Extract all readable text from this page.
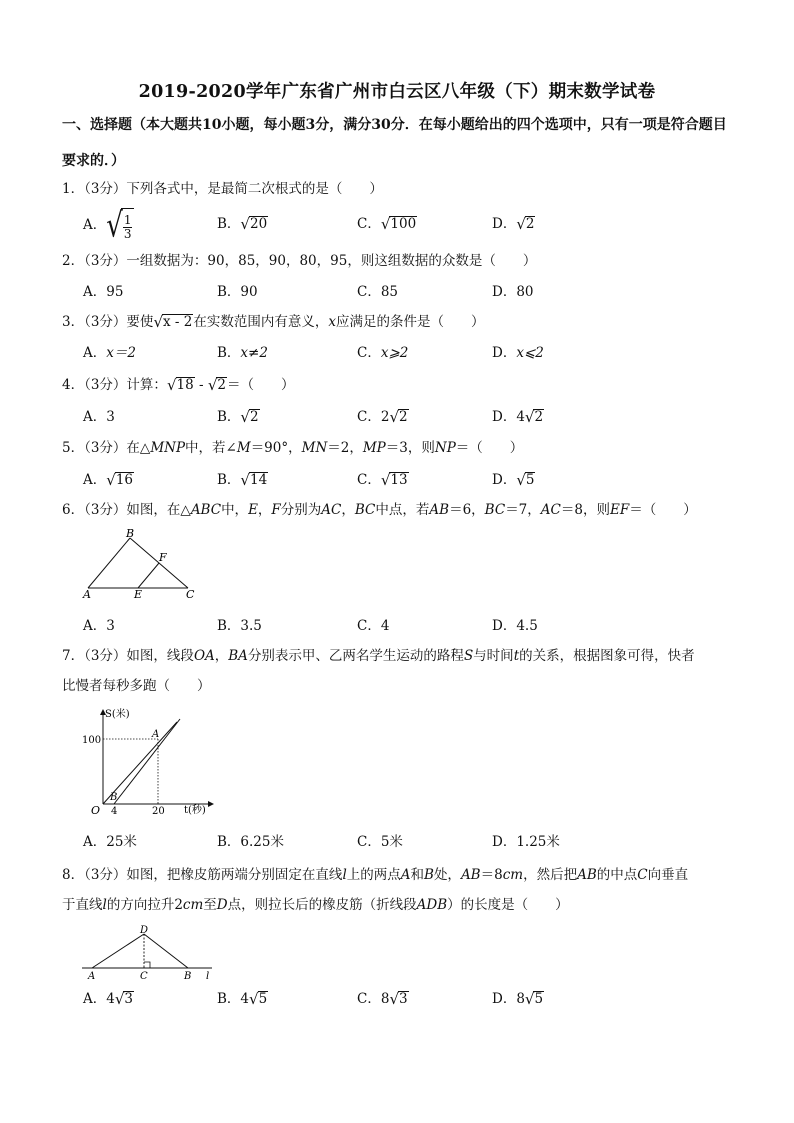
2019-2020学年广东省广州市白云区八年级（下）期末数学试卷
一、选择题（本大题共10小题，每小题3分，满分30分．在每小题给出的四个选项中，只有一项是符合题目
要求的．）
1．（3分）下列各式中，是最简二次根式的是（　　）
A．√ $\frac{1}{3}$	B．√20	C．√100	D．√2
2．（3分）一组数据为：90，85，90，80，95，则这组数据的众数是（　　）
A．95	B．90	C．85	D．80
3．（3分）要使√x - 2在实数范围内有意义，x应满足的条件是（　　）
A．x＝2	B．x≠2	C．x⩾2	D．x⩽2
4．（3分）计算：√18 - √2＝（　　）
A．3	B．√2	C．2√2	D．4√2
5．（3分）在△MNP中，若∠M＝90°，MN＝2，MP＝3，则NP＝（　　）
A．√16	B．√14	C．√13	D．√5
6．（3分）如图，在△ABC中，E，F分别为AC，BC中点，若AB＝6，BC＝7，AC＝8，则EF＝（　　）
A
B
C
E
F
A．3	B．3.5	C．4	D．4.5
7．（3分）如图，线段OA，BA分别表示甲、乙两名学生运动的路程S与时间t的关系，根据图象可得，快者
比慢者每秒多跑（　　）
S(米)
t(秒)
100
4	20
O
A
B
A．25米	B．6.25米	C．5米	D．1.25米
8．（3分）如图，把橡皮筋两端分别固定在直线l上的两点A和B处，AB＝8cm，然后把AB的中点C向垂直
于直线l的方向拉升2cm至D点，则拉长后的橡皮筋（折线段ADB）的长度是（　　）
A
D
C	B l
A．4√3	B．4√5	C．8√3	D．8√5
